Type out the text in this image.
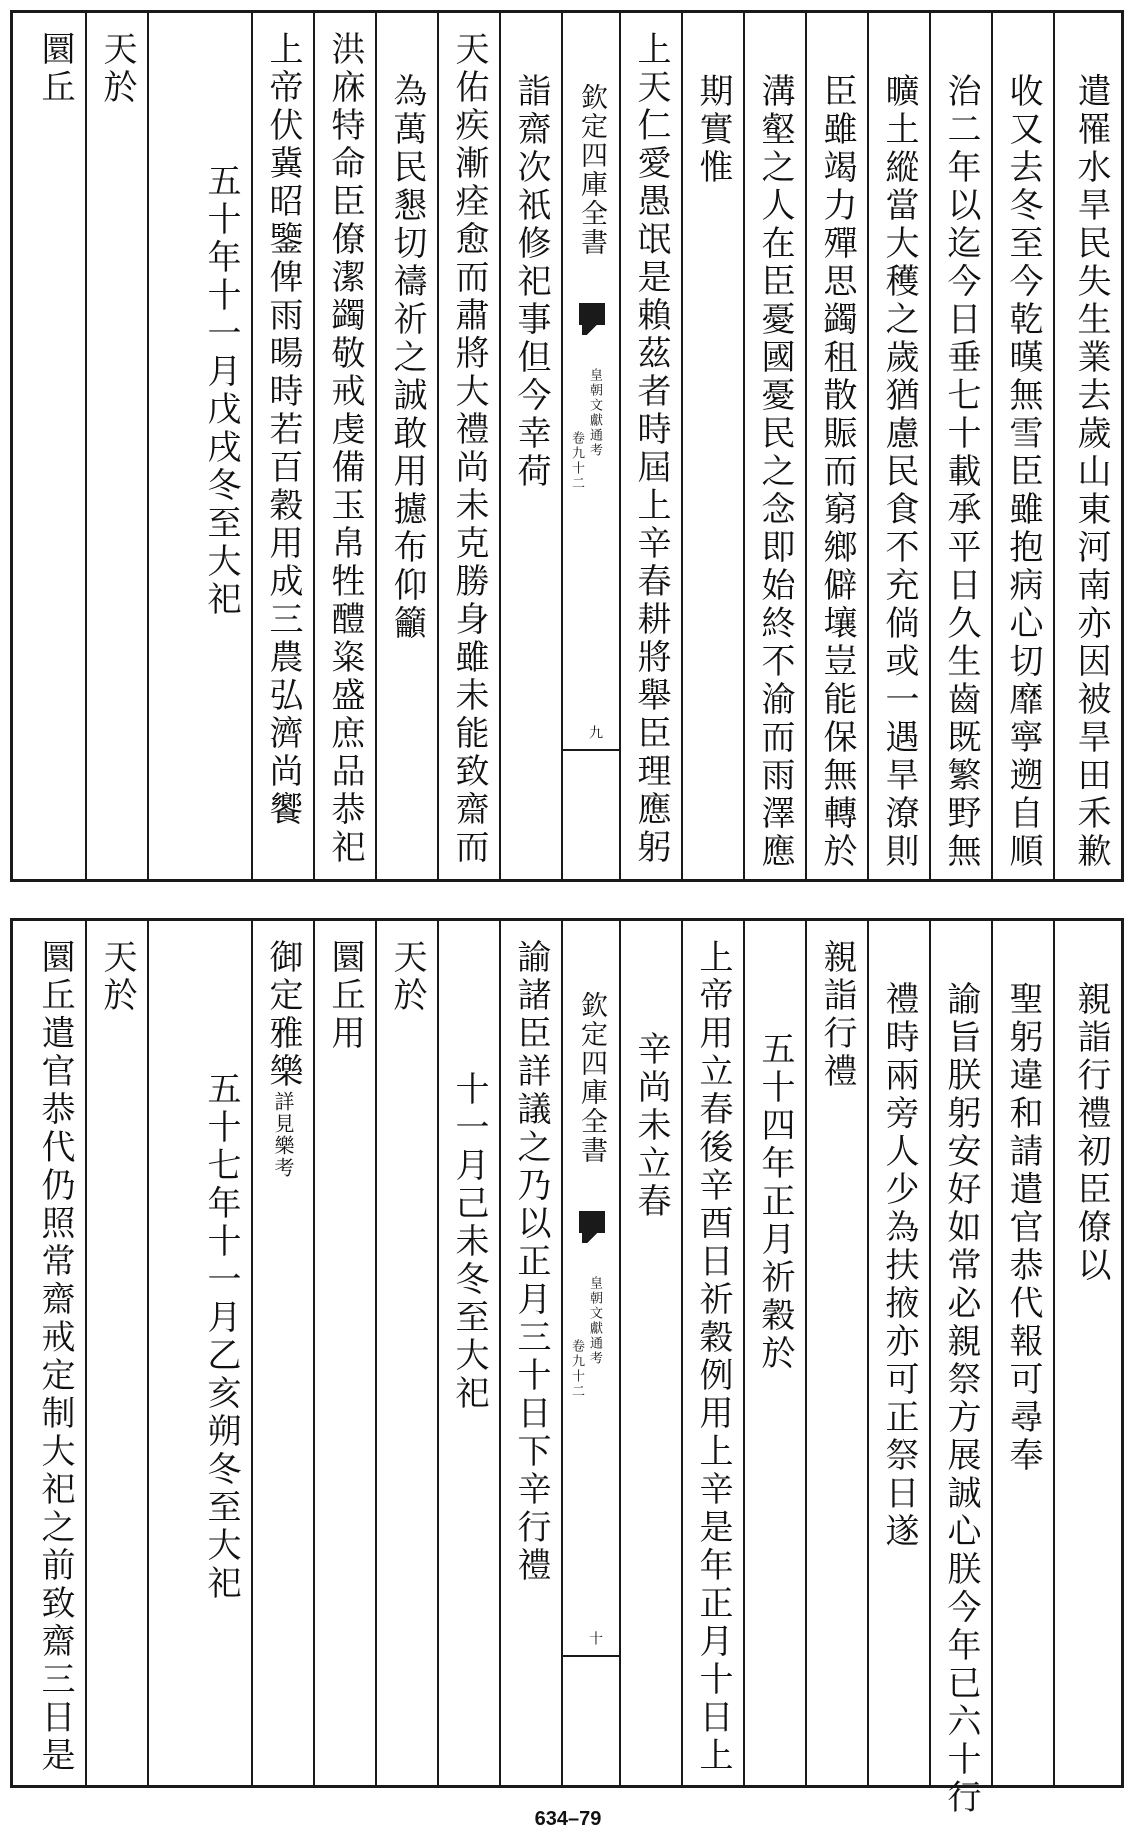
遣罹水旱民失生業去歲山東河南亦因被旱田禾歉
收又去冬至今乾暵無雪臣雖抱病心切靡寧遡自順
治二年以迄今日垂七十載承平日久生齒既繁野無
曠土縱當大穫之歲猶慮民食不充倘或一遇旱潦則
臣雖竭力殫思蠲租散賑而窮鄉僻壤豈能保無轉於
溝壑之人在臣憂國憂民之念即始終不渝而雨澤應
期實惟
上天仁愛愚氓是賴茲者時屆上辛春耕將舉臣理應躬
欽定四庫全書
皇朝文獻通考
卷九十二
九
詣齋次祇修祀事但今幸荷
天佑疾漸痊愈而肅將大禮尚未克勝身雖未能致齋而
為萬民懇切禱祈之誠敢用攄布仰籲
洪庥特命臣僚潔蠲敬戒虔備玉帛牲醴粢盛庶品恭祀
上帝伏冀昭鑒俾雨暘時若百穀用成三農弘濟尚饗
五十年十一月戊戌冬至大祀
天於
圜丘
親詣行禮初臣僚以
聖躬違和請遣官恭代報可尋奉
諭旨朕躬安好如常必親祭方展誠心朕今年已六十行
禮時兩旁人少為扶掖亦可正祭日遂
親詣行禮
五十四年正月祈穀於
上帝用立春後辛酉日祈穀例用上辛是年正月十日上
辛尚未立春
欽定四庫全書
皇朝文獻通考
卷九十二
十
諭諸臣詳議之乃以正月三十日下辛行禮
十一月己未冬至大祀
天於
圜丘用
御定雅樂詳見樂考
五十七年十一月乙亥朔冬至大祀
天於
圜丘遣官恭代仍照常齋戒定制大祀之前致齋三日是
634–79
